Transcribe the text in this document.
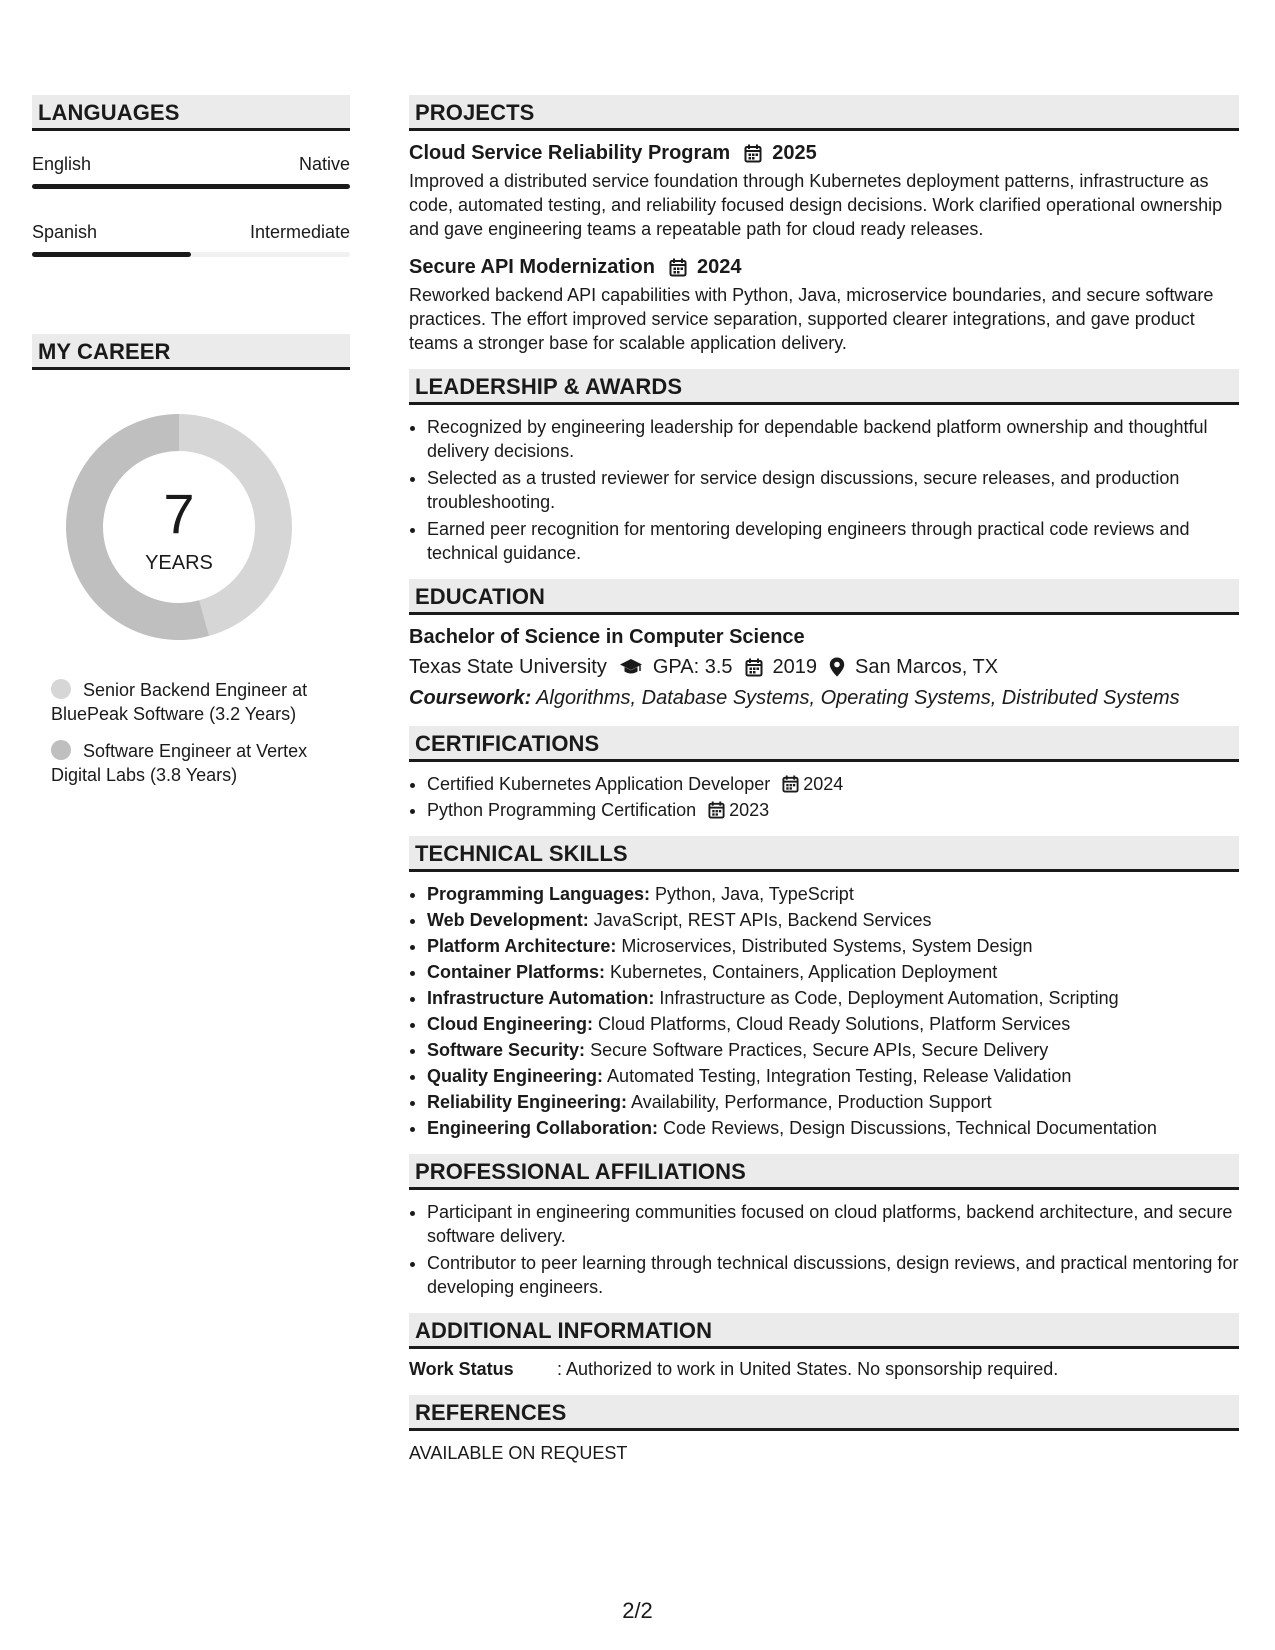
LANGUAGES
English	Native
Spanish	Intermediate
MY CAREER
7
YEARS
Senior Backend Engineer at BluePeak Software (3.2 Years)
Software Engineer at Vertex Digital Labs (3.8 Years)
PROJECTS
Cloud Service Reliability Program 2025
Improved a distributed service foundation through Kubernetes deployment patterns, infrastructure as code, automated testing, and reliability focused design decisions. Work clarified operational ownership and gave engineering teams a repeatable path for cloud ready releases.
Secure API Modernization 2024
Reworked backend API capabilities with Python, Java, microservice boundaries, and secure software practices. The effort improved service separation, supported clearer integrations, and gave product teams a stronger base for scalable application delivery.
LEADERSHIP & AWARDS
• Recognized by engineering leadership for dependable backend platform ownership and thoughtful delivery decisions.
• Selected as a trusted reviewer for service design discussions, secure releases, and production troubleshooting.
• Earned peer recognition for mentoring developing engineers through practical code reviews and technical guidance.
EDUCATION
Bachelor of Science in Computer Science
Texas State University GPA: 3.5 2019 San Marcos, TX
Coursework: Algorithms, Database Systems, Operating Systems, Distributed Systems
CERTIFICATIONS
• Certified Kubernetes Application Developer 2024
• Python Programming Certification 2023
TECHNICAL SKILLS
• Programming Languages: Python, Java, TypeScript
• Web Development: JavaScript, REST APIs, Backend Services
• Platform Architecture: Microservices, Distributed Systems, System Design
• Container Platforms: Kubernetes, Containers, Application Deployment
• Infrastructure Automation: Infrastructure as Code, Deployment Automation, Scripting
• Cloud Engineering: Cloud Platforms, Cloud Ready Solutions, Platform Services
• Software Security: Secure Software Practices, Secure APIs, Secure Delivery
• Quality Engineering: Automated Testing, Integration Testing, Release Validation
• Reliability Engineering: Availability, Performance, Production Support
• Engineering Collaboration: Code Reviews, Design Discussions, Technical Documentation
PROFESSIONAL AFFILIATIONS
• Participant in engineering communities focused on cloud platforms, backend architecture, and secure software delivery.
• Contributor to peer learning through technical discussions, design reviews, and practical mentoring for developing engineers.
ADDITIONAL INFORMATION
Work Status	: Authorized to work in United States. No sponsorship required.
REFERENCES
AVAILABLE ON REQUEST
2/2
